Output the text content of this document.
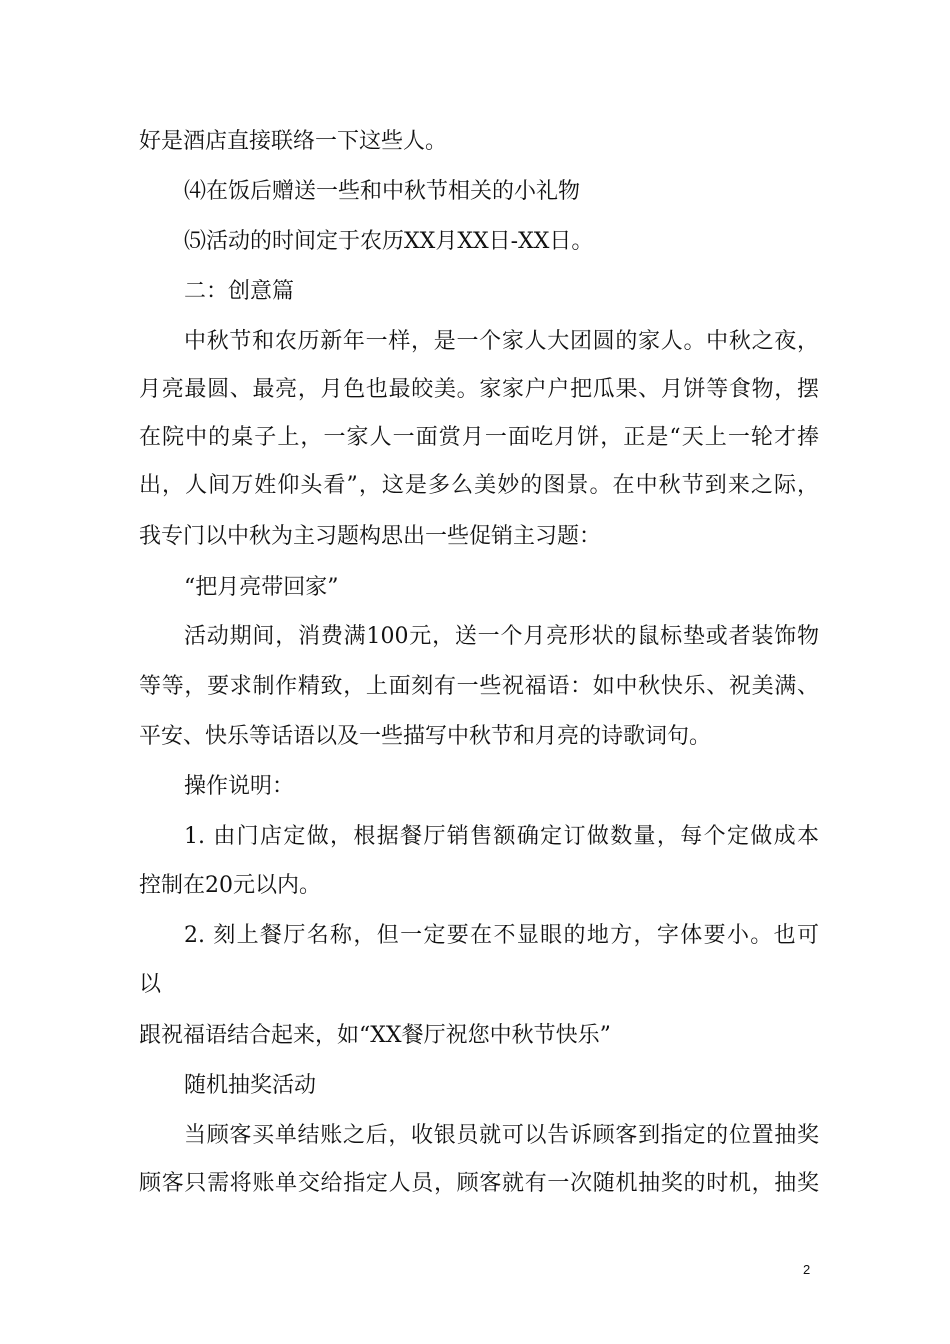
好是酒店直接联络一下这些人。
⑷在饭后赠送一些和中秋节相关的小礼物
⑸活动的时间定于农历XX月XX日-XX日。
二：创意篇
中秋节和农历新年一样，是一个家人大团圆的家人。中秋之夜，
月亮最圆、最亮，月色也最皎美。家家户户把瓜果、月饼等食物，摆
在院中的桌子上，一家人一面赏月一面吃月饼，正是“天上一轮才捧
出，人间万姓仰头看”，这是多么美妙的图景。在中秋节到来之际，
我专门以中秋为主习题构思出一些促销主习题：
“把月亮带回家”
活动期间，消费满100元，送一个月亮形状的鼠标垫或者装饰物
等等，要求制作精致，上面刻有一些祝福语：如中秋快乐、祝美满、
平安、快乐等话语以及一些描写中秋节和月亮的诗歌词句。
操作说明：
1. 由门店定做，根据餐厅销售额确定订做数量，每个定做成本
控制在20元以内。
2. 刻上餐厅名称，但一定要在不显眼的地方，字体要小。也可
以
跟祝福语结合起来，如“XX餐厅祝您中秋节快乐”
随机抽奖活动
当顾客买单结账之后，收银员就可以告诉顾客到指定的位置抽奖
顾客只需将账单交给指定人员，顾客就有一次随机抽奖的时机，抽奖
2
